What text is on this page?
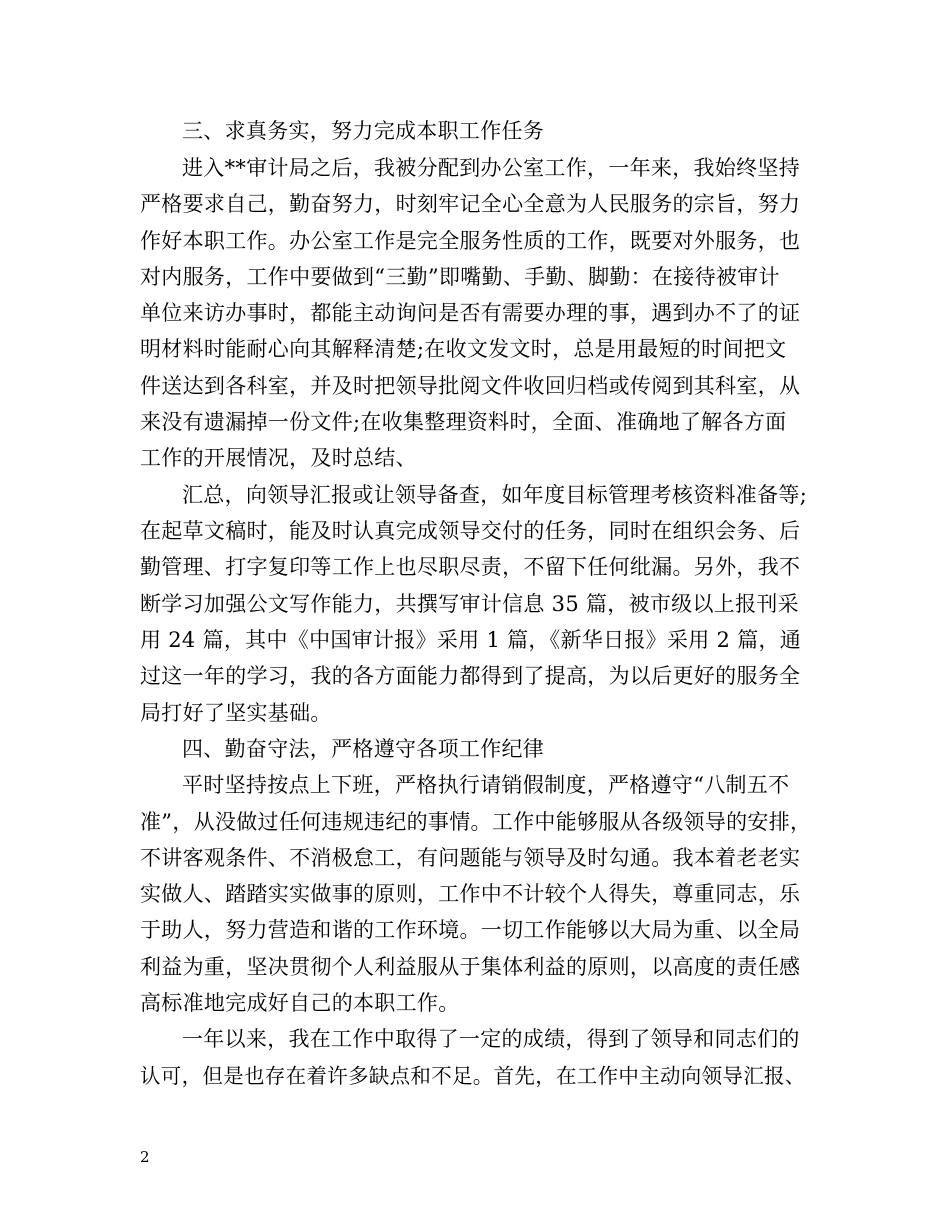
三、求真务实，努力完成本职工作任务
进入**审计局之后，我被分配到办公室工作，一年来，我始终坚持
严格要求自己，勤奋努力，时刻牢记全心全意为人民服务的宗旨，努力
作好本职工作。办公室工作是完全服务性质的工作，既要对外服务，也
对内服务，工作中要做到“三勤”即嘴勤、手勤、脚勤：在接待被审计
单位来访办事时，都能主动询问是否有需要办理的事，遇到办不了的证
明材料时能耐心向其解释清楚;在收文发文时，总是用最短的时间把文
件送达到各科室，并及时把领导批阅文件收回归档或传阅到其科室，从
来没有遗漏掉一份文件;在收集整理资料时，全面、准确地了解各方面
工作的开展情况，及时总结、
汇总，向领导汇报或让领导备查，如年度目标管理考核资料准备等;
在起草文稿时，能及时认真完成领导交付的任务，同时在组织会务、后
勤管理、打字复印等工作上也尽职尽责，不留下任何纰漏。另外，我不
断学习加强公文写作能力，共撰写审计信息 35 篇，被市级以上报刊采
用 24 篇，其中《中国审计报》采用 1 篇，《新华日报》采用 2 篇，通
过这一年的学习，我的各方面能力都得到了提高，为以后更好的服务全
局打好了坚实基础。
四、勤奋守法，严格遵守各项工作纪律
平时坚持按点上下班，严格执行请销假制度，严格遵守“八制五不
准”，从没做过任何违规违纪的事情。工作中能够服从各级领导的安排，
不讲客观条件、不消极怠工，有问题能与领导及时勾通。我本着老老实
实做人、踏踏实实做事的原则，工作中不计较个人得失，尊重同志，乐
于助人，努力营造和谐的工作环境。一切工作能够以大局为重、以全局
利益为重，坚决贯彻个人利益服从于集体利益的原则，以高度的责任感
高标准地完成好自己的本职工作。
一年以来，我在工作中取得了一定的成绩，得到了领导和同志们的
认可，但是也存在着许多缺点和不足。首先，在工作中主动向领导汇报、
2
